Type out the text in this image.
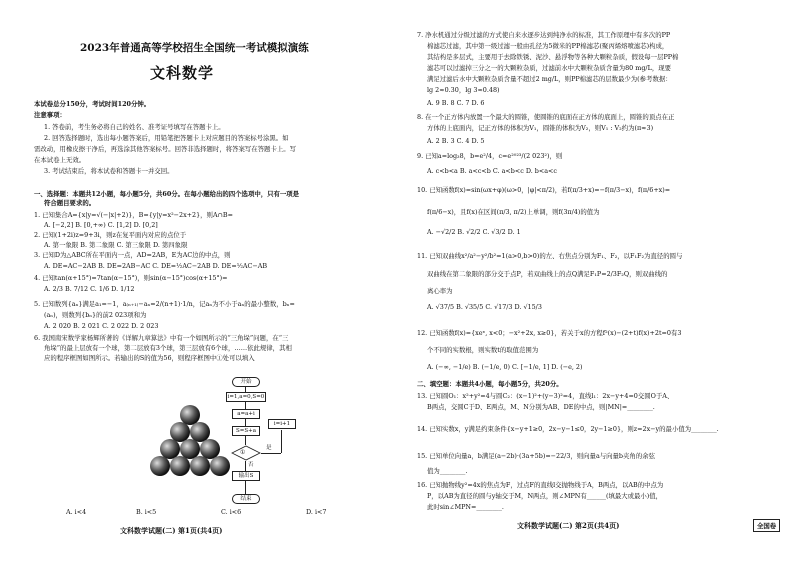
2023年普通高等学校招生全国统一考试模拟演练
文科数学
本试卷总分150分，考试时间120分钟。
注意事项：
1. 答卷前，考生务必将自己的姓名、准考证号填写在答题卡上。
2. 回答选择题时，选出每小题答案后，用铅笔把答题卡上对应题目的答案标号涂黑。如
需改动，用橡皮擦干净后，再选涂其他答案标号。回答非选择题时，将答案写在答题卡上。写
在本试卷上无效。
3. 考试结束后，将本试卷和答题卡一并交回。
一、选择题：本题共12小题，每小题5分，共60分。在每小题给出的四个选项中，只有一项是
符合题目要求的。
1. 已知集合A={x|y=√(−|x|+2)}，B={y|y=x²−2x+2}，则A∩B=
A. [−2,2] B. [0,+∞) C. [1,2] D. [0,2]
2. 已知(1+2i)z=9+3i，则z在复平面内对应的点位于
A. 第一象限 B. 第二象限 C. 第三象限 D. 第四象限
3. 已知D为△ABC所在平面内一点，AD=2AB，E为AC边的中点，则
A. DE=AC−2AB B. DE=2AB−AC C. DE=½AC−2AB D. DE=½AC−AB
4. 已知tan(α+15°)=7tan(α−15°)，则sin(α−15°)cos(α+15°)=
A. 2/3 B. 7/12 C. 1/6 D. 1/12
5. 已知数列{aₙ}满足a₁=−1，a₍ₙ₊₁₎−aₙ=2/(n+1)·1/n，记aₙ为不小于aₙ的最小整数，bₙ=
(aₙ)，则数列{bₙ}的前2 023项和为
A. 2 020 B. 2 021 C. 2 022 D. 2 023
6. 我国南宋数学家杨辉所著的《详解九章算法》中有一个如图所示的“三角垛”问题，在“三
角垛”的最上层放有一个球，第二层放有3个球，第三层放有6个球，……依此规律，其相
应的程序框图如图所示。若输出的S的值为56，则程序框图中①处可以填入
开始
i=1,a=0,S=0
a=a+i
S=S+a
①
是
i=i+1
否
输出S
结束
A. i<4	B. i<5	C. i<6	D. i<7
文科数学试题(二) 第1页(共4页)
7. 净水机通过分级过滤的方式使自来水逐步达到纯净水的标准，其工作原理中有多次的PP
棉滤芯过滤，其中第一级过滤一般由孔径为5微米的PP棉滤芯(聚丙烯熔喷滤芯)构成，
其结构是多层式，主要用于去除铁锈、泥沙、悬浮物等各种大颗粒杂质，假设每一层PP棉
滤芯可以过滤掉三分之一的大颗粒杂质，过滤前水中大颗粒杂质含量为80 mg/L，现要
满足过滤后水中大颗粒杂质含量不超过2 mg/L，则PP棉滤芯的层数最少为(参考数据：
lg 2≈0.30，lg 3≈0.48)
A. 9 B. 8 C. 7 D. 6
8. 在一个正方体内放置一个最大的圆锥，使圆锥的底面在正方体的底面上，圆锥的顶点在正
方体的上底面内，记正方体的体积为V₁，圆锥的体积为V₂，则V₁ : V₂约为(π≈3)
A. 2 B. 3 C. 4 D. 5
9. 已知a=log₃8，b=e²/4，c=e²⁰²³/(2 023²)，则
A. c<b<a B. a<c<b C. a<b<c D. b<a<c
10. 已知函数f(x)=sin(ωx+φ)(ω>0，|φ|<π/2)，若f(π/3+x)=−f(π/3−x)，f(π/6+x)=
f(π/6−x)，且f(x)在区间(π/3, π/2)上单调，则f(3π/4)的值为
A. −√2/2 B. √2/2 C. √3/2 D. 1
11. 已知双曲线x²/a²−y²/b²=1(a>0,b>0)的左、右焦点分别为F₁、F₂，以F₁F₂为直径的圆与
双曲线在第二象限的部分交于点P，若双曲线上的点Q满足F₁P=2/3F₂Q，则双曲线的
离心率为
A. √37/5 B. √35/5 C. √17/3 D. √15/3
12. 已知函数f(x)={xeˣ, x<0；−x²+2x, x≥0}，若关于x的方程f²(x)−(2+t)f(x)+2t=0有3
个不同的实数根，则实数t的取值范围为
A. (−∞, −1/e) B. (−1/e, 0) C. [−1/e, 1] D. (−e, 2)
二、填空题：本题共4小题，每小题5分，共20分。
13. 已知圆O₁：x²+y²=4与圆C₂：(x−1)²+(y−3)²=4，直线l₁：2x−y+4=0交圆O于A、
B两点，交圆C于D、E两点，M、N分别为AB、DE的中点，则|MN|=________.
14. 已知实数x，y满足约束条件{x−y+1≥0，2x−y−1≤0，2y−1≥0}，则z=2x−y的最小值为________.
15. 已知单位向量a，b满足(a−2b)·(3a+5b)=−22/3，则向量a与向量b夹角的余弦
值为________.
16. 已知抛物线y²=4x的焦点为F，过点F的直线l交抛物线于A，B两点，以AB的中点为
P，以AB为直径的圆与y轴交于M，N两点，则∠MPN有______(填最大或最小)值，
此时sin∠MPN=________.
文科数学试题(二) 第2页(共4页)	全国卷
